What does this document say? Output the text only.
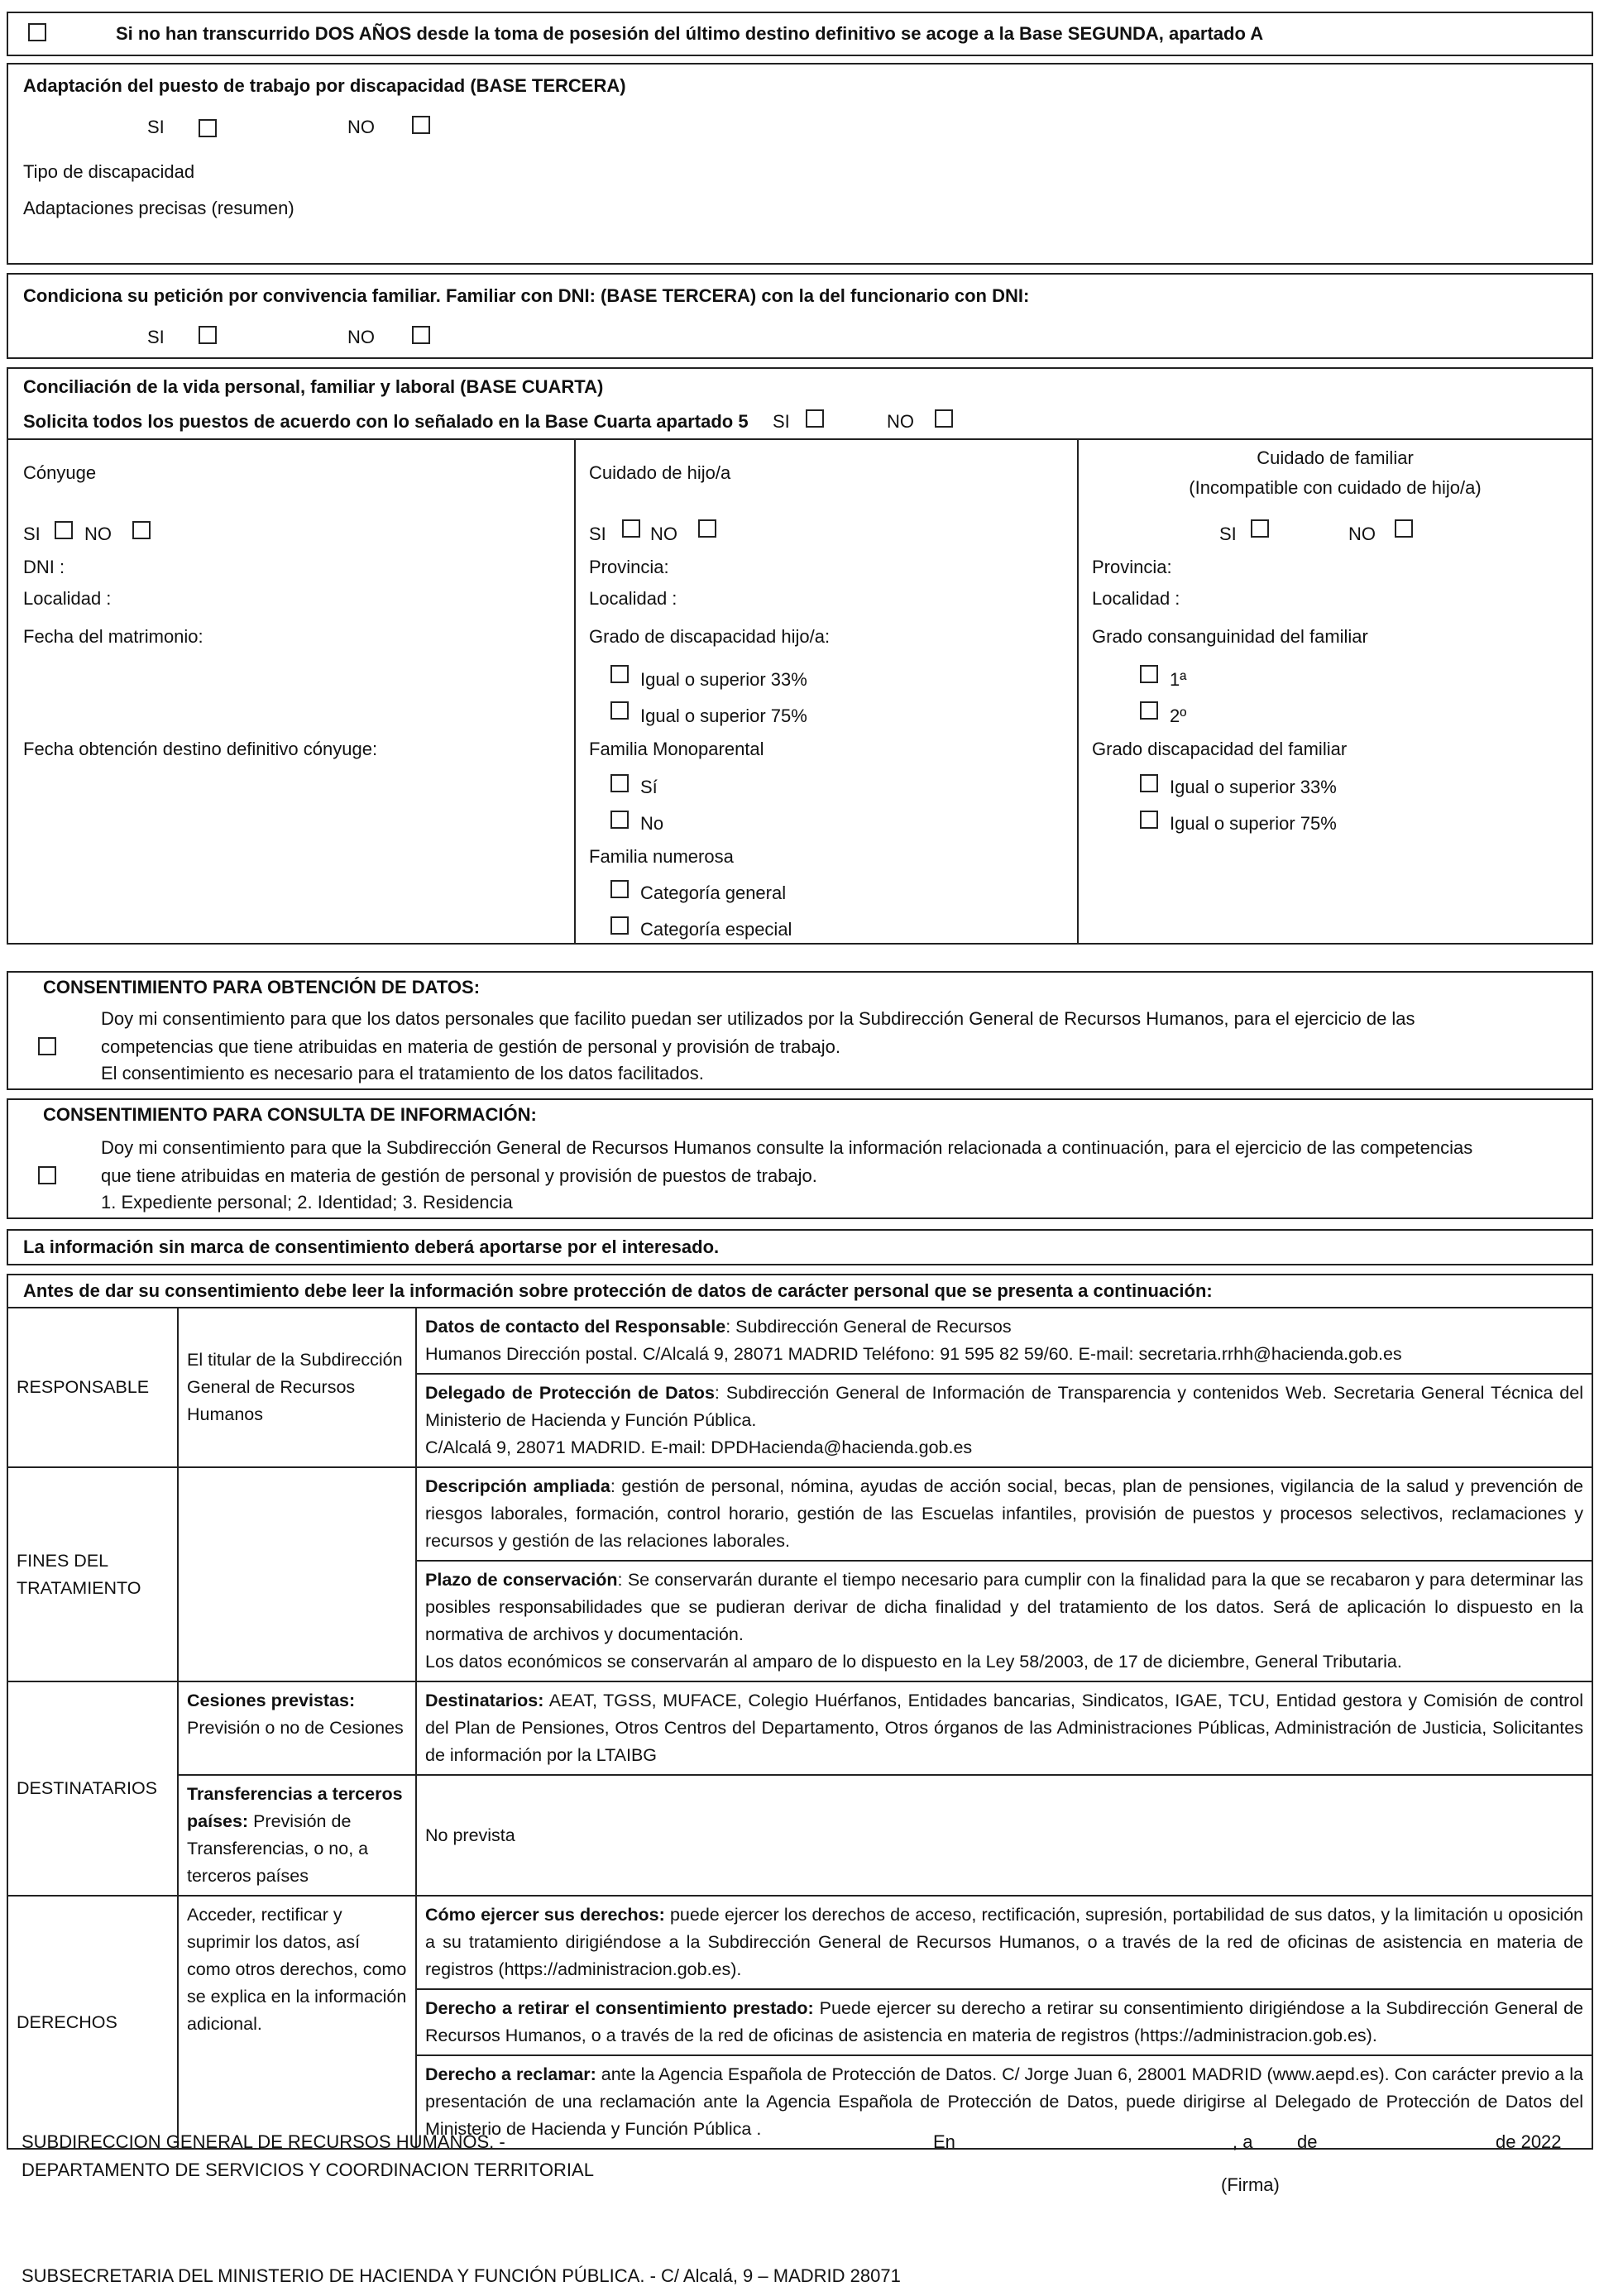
Si no han transcurrido DOS AÑOS desde la toma de posesión del último destino definitivo se acoge a la Base SEGUNDA, apartado A
Adaptación del puesto de trabajo por discapacidad (BASE TERCERA)
SI	NO
Tipo de discapacidad
Adaptaciones precisas (resumen)
Condiciona su petición por convivencia familiar. Familiar con DNI: (BASE TERCERA) con la del funcionario con DNI:
SI	NO
Conciliación de la vida personal, familiar y laboral (BASE CUARTA)
Solicita todos los puestos de acuerdo con lo señalado en la Base Cuarta apartado 5 SI	NO
Cónyuge
SI NO
DNI :
Localidad :
Fecha del matrimonio:
Fecha obtención destino definitivo cónyuge:
Cuidado de hijo/a
SI NO
Provincia:
Localidad :
Grado de discapacidad hijo/a:
Igual o superior 33%
Igual o superior 75%
Familia Monoparental
Sí
No
Familia numerosa
Categoría general
Categoría especial
Cuidado de familiar
(Incompatible con cuidado de hijo/a)
SI	NO
Provincia:
Localidad :
Grado consanguinidad del familiar
1ª
2º
Grado discapacidad del familiar
Igual o superior 33%
Igual o superior 75%
CONSENTIMIENTO PARA OBTENCIÓN DE DATOS:
Doy mi consentimiento para que los datos personales que facilito puedan ser utilizados por la Subdirección General de Recursos Humanos, para el ejercicio de las
competencias que tiene atribuidas en materia de gestión de personal y provisión de trabajo.
El consentimiento es necesario para el tratamiento de los datos facilitados.
CONSENTIMIENTO PARA CONSULTA DE INFORMACIÓN:
Doy mi consentimiento para que la Subdirección General de Recursos Humanos consulte la información relacionada a continuación, para el ejercicio de las competencias
que tiene atribuidas en materia de gestión de personal y provisión de puestos de trabajo.
1. Expediente personal; 2. Identidad; 3. Residencia
La información sin marca de consentimiento deberá aportarse por el interesado.
Antes de dar su consentimiento debe leer la información sobre protección de datos de carácter personal que se presenta a continuación:
RESPONSABLE	El titular de la Subdirección General de Recursos Humanos	Datos de contacto del Responsable: Subdirección General de Recursos
Humanos Dirección postal. C/Alcalá 9, 28071 MADRID Teléfono: 91 595 82 59/60. E-mail: secretaria.rrhh@hacienda.gob.es
		Delegado de Protección de Datos: Subdirección General de Información de Transparencia y contenidos Web. Secretaria General Técnica del Ministerio de Hacienda y Función Pública.
C/Alcalá 9, 28071 MADRID. E-mail: DPDHacienda@hacienda.gob.es
FINES DEL TRATAMIENTO		Descripción ampliada: gestión de personal, nómina, ayudas de acción social, becas, plan de pensiones, vigilancia de la salud y prevención de riesgos laborales, formación, control horario, gestión de las Escuelas infantiles, provisión de puestos y procesos selectivos, reclamaciones y recursos y gestión de las relaciones laborales.
		Plazo de conservación: Se conservarán durante el tiempo necesario para cumplir con la finalidad para la que se recabaron y para determinar las posibles responsabilidades que se pudieran derivar de dicha finalidad y del tratamiento de los datos. Será de aplicación lo dispuesto en la normativa de archivos y documentación.
Los datos económicos se conservarán al amparo de lo dispuesto en la Ley 58/2003, de 17 de diciembre, General Tributaria.
DESTINATARIOS	Cesiones previstas:
Previsión o no de Cesiones	Destinatarios: AEAT, TGSS, MUFACE, Colegio Huérfanos, Entidades bancarias, Sindicatos, IGAE, TCU, Entidad gestora y Comisión de control del Plan de Pensiones, Otros Centros del Departamento, Otros órganos de las Administraciones Públicas, Administración de Justicia, Solicitantes de información por la LTAIBG
	Transferencias a terceros países: Previsión de Transferencias, o no, a terceros países	No prevista
DERECHOS	Acceder, rectificar y suprimir los datos, así como otros derechos, como se explica en la información adicional.	Cómo ejercer sus derechos: puede ejercer los derechos de acceso, rectificación, supresión, portabilidad de sus datos, y la limitación u oposición a su tratamiento dirigiéndose a la Subdirección General de Recursos Humanos, o a través de la red de oficinas de asistencia en materia de registros (https://administracion.gob.es).
		Derecho a retirar el consentimiento prestado: Puede ejercer su derecho a retirar su consentimiento dirigiéndose a la Subdirección General de Recursos Humanos, o a través de la red de oficinas de asistencia en materia de registros (https://administracion.gob.es).
		Derecho a reclamar: ante la Agencia Española de Protección de Datos. C/ Jorge Juan 6, 28001 MADRID (www.aepd.es). Con carácter previo a la presentación de una reclamación ante la Agencia Española de Protección de Datos, puede dirigirse al Delegado de Protección de Datos del Ministerio de Hacienda y Función Pública .
SUBDIRECCION GENERAL DE RECURSOS HUMANOS. -
DEPARTAMENTO DE SERVICIOS Y COORDINACION TERRITORIAL
En	, a de	de 2022
(Firma)
SUBSECRETARIA DEL MINISTERIO DE HACIENDA Y FUNCIÓN PÚBLICA. - C/ Alcalá, 9 – MADRID 28071
